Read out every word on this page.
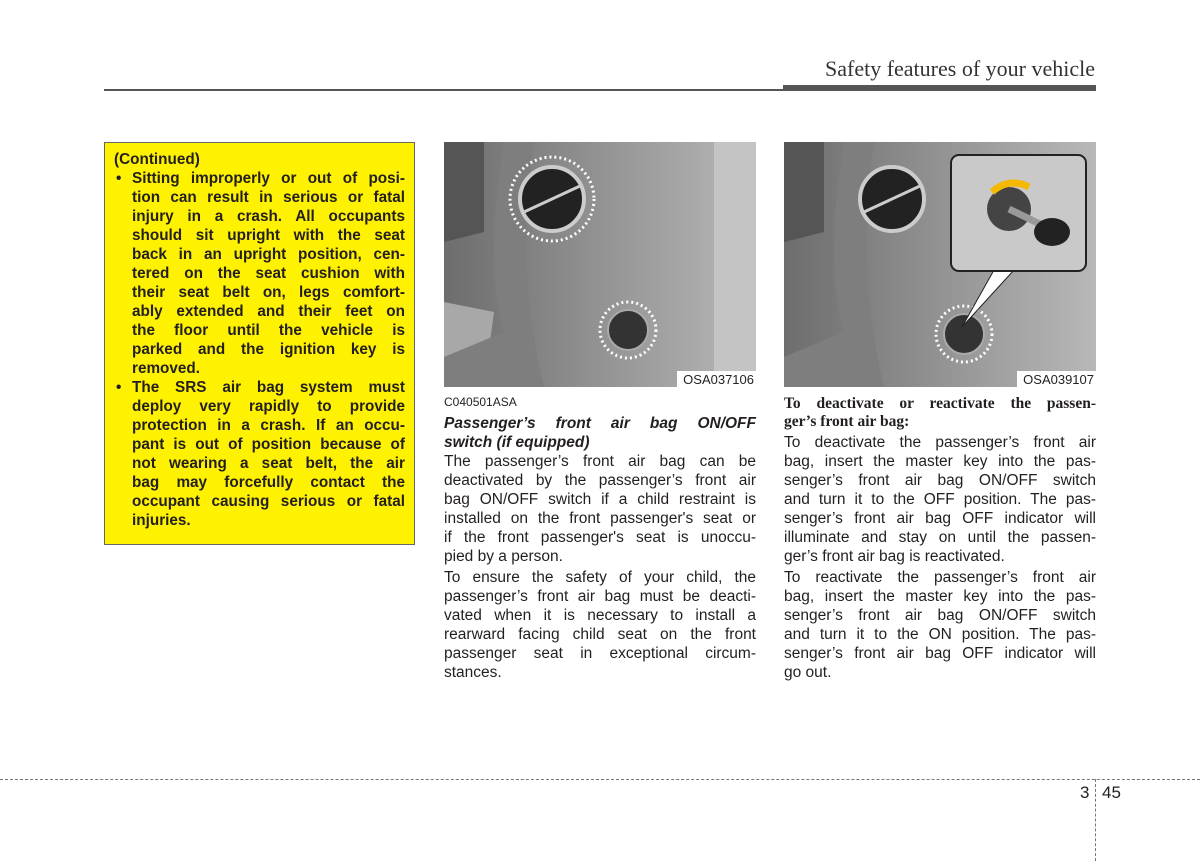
Safety features of your vehicle
(Continued)
• Sitting improperly or out of posi-
tion can result in serious or fatal
injury in a crash. All occupants
should sit upright with the seat
back in an upright position, cen-
tered on the seat cushion with
their seat belt on, legs comfort-
ably extended and their feet on
the floor until the vehicle is
parked and the ignition key is
removed.
• The SRS air bag system must
deploy very rapidly to provide
protection in a crash. If an occu-
pant is out of position because of
not wearing a seat belt, the air
bag may forcefully contact the
occupant causing serious or fatal
injuries.
OSA037106	OSA039107
C040501ASA
Passenger’s front air bag ON/OFF
switch (if equipped)
The passenger’s front air bag can be
deactivated by the passenger’s front air
bag ON/OFF switch if a child restraint is
installed on the front passenger's seat or
if the front passenger's seat is unoccu-
pied by a person.
To ensure the safety of your child, the
passenger’s front air bag must be deacti-
vated when it is necessary to install a
rearward facing child seat on the front
passenger seat in exceptional circum-
stances.
To deactivate or reactivate the passen-
ger’s front air bag:
To deactivate the passenger’s front air
bag, insert the master key into the pas-
senger’s front air bag ON/OFF switch
and turn it to the OFF position. The pas-
senger’s front air bag OFF indicator will
illuminate and stay on until the passen-
ger’s front air bag is reactivated.
To reactivate the passenger’s front air
bag, insert the master key into the pas-
senger’s front air bag ON/OFF switch
and turn it to the ON position. The pas-
senger’s front air bag OFF indicator will
go out.
3 45
